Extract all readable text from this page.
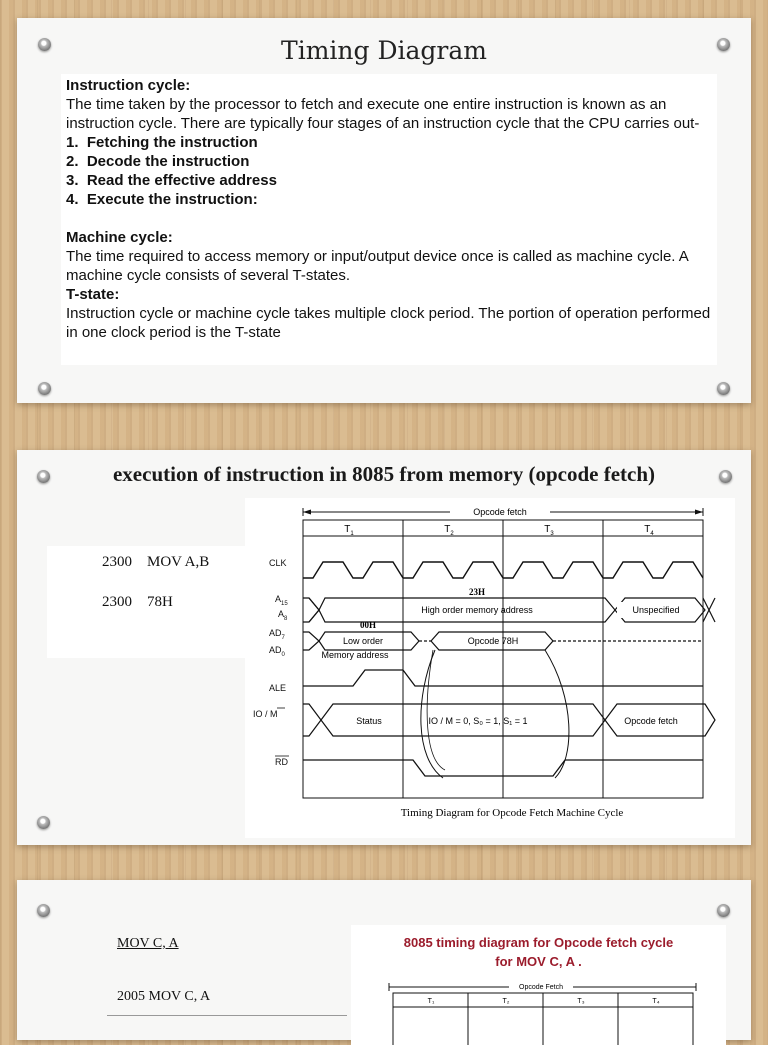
Timing Diagram

Instruction cycle:

The time taken by the processor to fetch and execute one entire instruction is known as an instruction cycle. There are typically four stages of an instruction cycle that the CPU carries out-

1.  Fetching the instruction

2.  Decode the instruction

3.  Read the effective address

4.  Execute the instruction:

Machine cycle:

The time required to access memory or input/output device once is called as machine cycle. A machine cycle consists of several T-states.

T-state:

Instruction cycle or machine cycle takes multiple clock period. The portion of operation performed in one clock period is the T-state

execution of instruction in 8085 from memory (opcode fetch)
2300    MOV A,B
2300    78H
Opcode fetch
$T_1$	$T_2$	$T_3$	$T_4$
CLK
$A_{15}$
$A_8$
$AD_7$
$AD_0$
ALE
IO / M
RD
23H
High order memory address	Unspecified
00H
Low order
Memory address
Opcode 78H
Status	IO / M = 0, S₀ = 1, S₁ = 1	Opcode fetch
Timing Diagram for Opcode Fetch Machine Cycle
MOV C, A
2005 MOV C, A
8085 timing diagram for Opcode fetch cycle
for MOV C, A .
Opcode Fetch
T₁	T₂	T₃	T₄
